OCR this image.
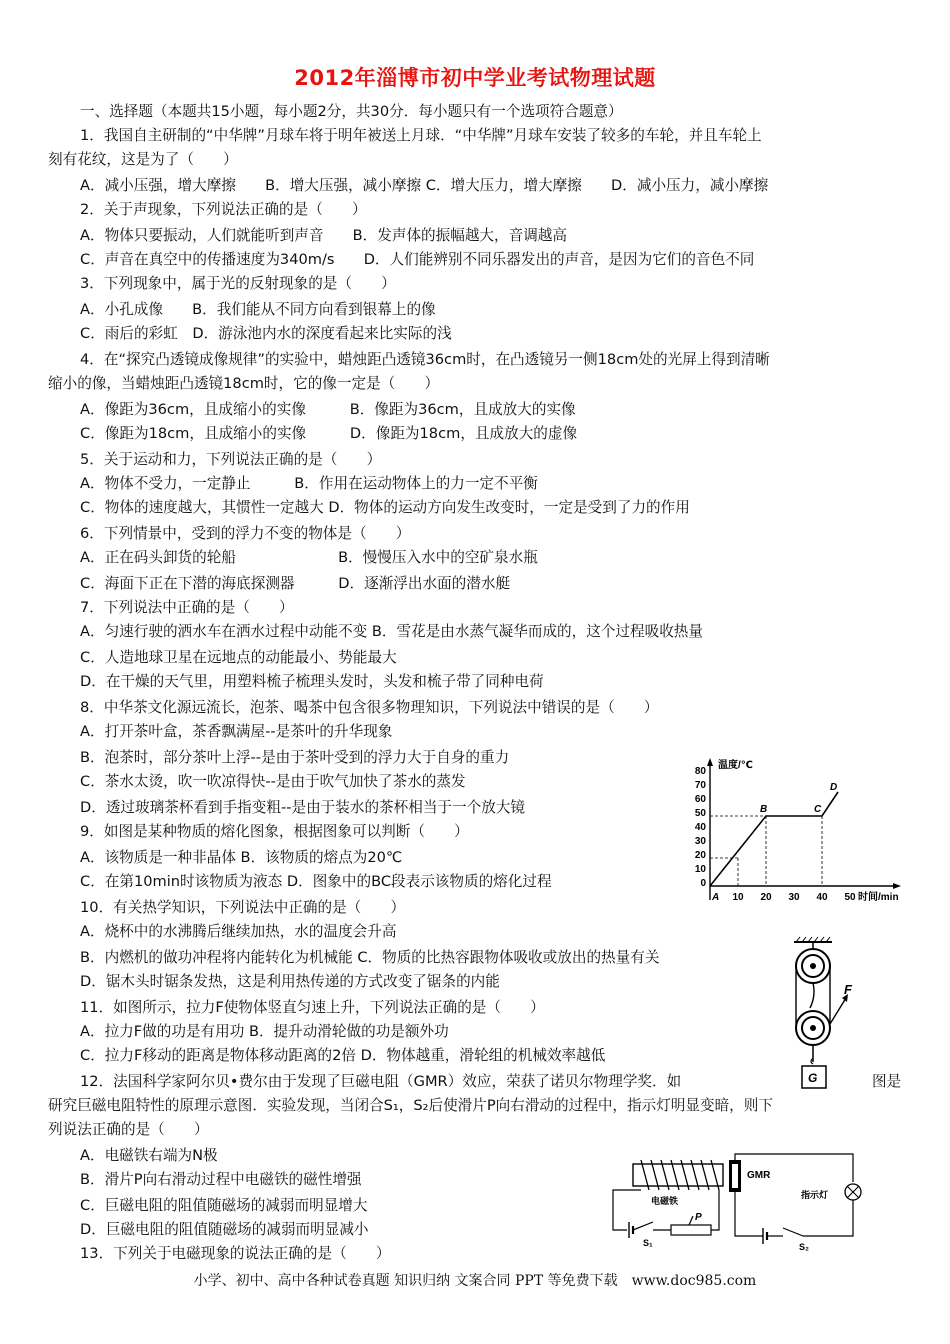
2012年淄博市初中学业考试物理试题
一、选择题（本题共15小题，每小题2分，共30分．每小题只有一个选项符合题意）
1．我国自主研制的“中华牌”月球车将于明年被送上月球．“中华牌”月球车安装了较多的车轮，并且车轮上
刻有花纹，这是为了（　　）
A．减小压强，增大摩擦　　B．增大压强，减小摩擦 C．增大压力，增大摩擦　　D．减小压力，减小摩擦
2．关于声现象，下列说法正确的是（　　）
A．物体只要振动，人们就能听到声音　　B．发声体的振幅越大，音调越高
C．声音在真空中的传播速度为340m/s　　D．人们能辨别不同乐器发出的声音，是因为它们的音色不同
3．下列现象中，属于光的反射现象的是（　　）
A．小孔成像　　B．我们能从不同方向看到银幕上的像
C．雨后的彩虹　D．游泳池内水的深度看起来比实际的浅
4．在“探究凸透镜成像规律”的实验中，蜡烛距凸透镜36cm时，在凸透镜另一侧18cm处的光屏上得到清晰
缩小的像，当蜡烛距凸透镜18cm时，它的像一定是（　　）
A．像距为36cm，且成缩小的实像　　　B．像距为36cm，且成放大的实像
C．像距为18cm，且成缩小的实像　　　D．像距为18cm，且成放大的虚像
5．关于运动和力，下列说法正确的是（　　）
A．物体不受力，一定静止　　　B．作用在运动物体上的力一定不平衡
C．物体的速度越大，其惯性一定越大 D．物体的运动方向发生改变时，一定是受到了力的作用
6．下列情景中，受到的浮力不变的物体是（　　）
A．正在码头卸货的轮船　　　　　　　B．慢慢压入水中的空矿泉水瓶
C．海面下正在下潜的海底探测器　　　D．逐渐浮出水面的潜水艇
7．下列说法中正确的是（　　）
A．匀速行驶的洒水车在洒水过程中动能不变 B．雪花是由水蒸气凝华而成的，这个过程吸收热量
C．人造地球卫星在远地点的动能最小、势能最大
D．在干燥的天气里，用塑料梳子梳理头发时，头发和梳子带了同种电荷
8．中华茶文化源远流长，泡茶、喝茶中包含很多物理知识，下列说法中错误的是（　　）
A．打开茶叶盒，茶香飘满屋--是茶叶的升华现象
B．泡茶时，部分茶叶上浮--是由于茶叶受到的浮力大于自身的重力
C．茶水太烫，吹一吹凉得快--是由于吹气加快了茶水的蒸发
D．透过玻璃茶杯看到手指变粗--是由于装水的茶杯相当于一个放大镜
9．如图是某种物质的熔化图象，根据图象可以判断（　　）
A．该物质是一种非晶体 B．该物质的熔点为20℃
C．在第10min时该物质为液态 D．图象中的BC段表示该物质的熔化过程
10．有关热学知识，下列说法中正确的是（　　）
A．烧杯中的水沸腾后继续加热，水的温度会升高
B．内燃机的做功冲程将内能转化为机械能 C．物质的比热容跟物体吸收或放出的热量有关
D．锯木头时锯条发热，这是利用热传递的方式改变了锯条的内能
11．如图所示，拉力F使物体竖直匀速上升，下列说法正确的是（　　）
A．拉力F做的功是有用功 B．提升动滑轮做的功是额外功
C．拉力F移动的距离是物体移动距离的2倍 D．物体越重，滑轮组的机械效率越低
12．法国科学家阿尔贝•费尔由于发现了巨磁电阻（GMR）效应，荣获了诺贝尔物理学奖．如	图是
研究巨磁电阻特性的原理示意图．实验发现，当闭合S₁，S₂后使滑片P向右滑动的过程中，指示灯明显变暗，则下
列说法正确的是（　　）
A．电磁铁右端为N极
B．滑片P向右滑动过程中电磁铁的磁性增强
C．巨磁电阻的阻值随磁场的减弱而明显增大
D．巨磁电阻的阻值随磁场的减弱而明显减小
13．下列关于电磁现象的说法正确的是（　　）
温度/℃
时间/min
80
70
60
50
40
30
20
10
0
10 20 30 40 50
A
B	C
D
F
G
电磁铁
S₁
P
GMR
指示灯
S₂
小学、初中、高中各种试卷真题 知识归纳 文案合同 PPT 等免费下载　www.doc985.com
